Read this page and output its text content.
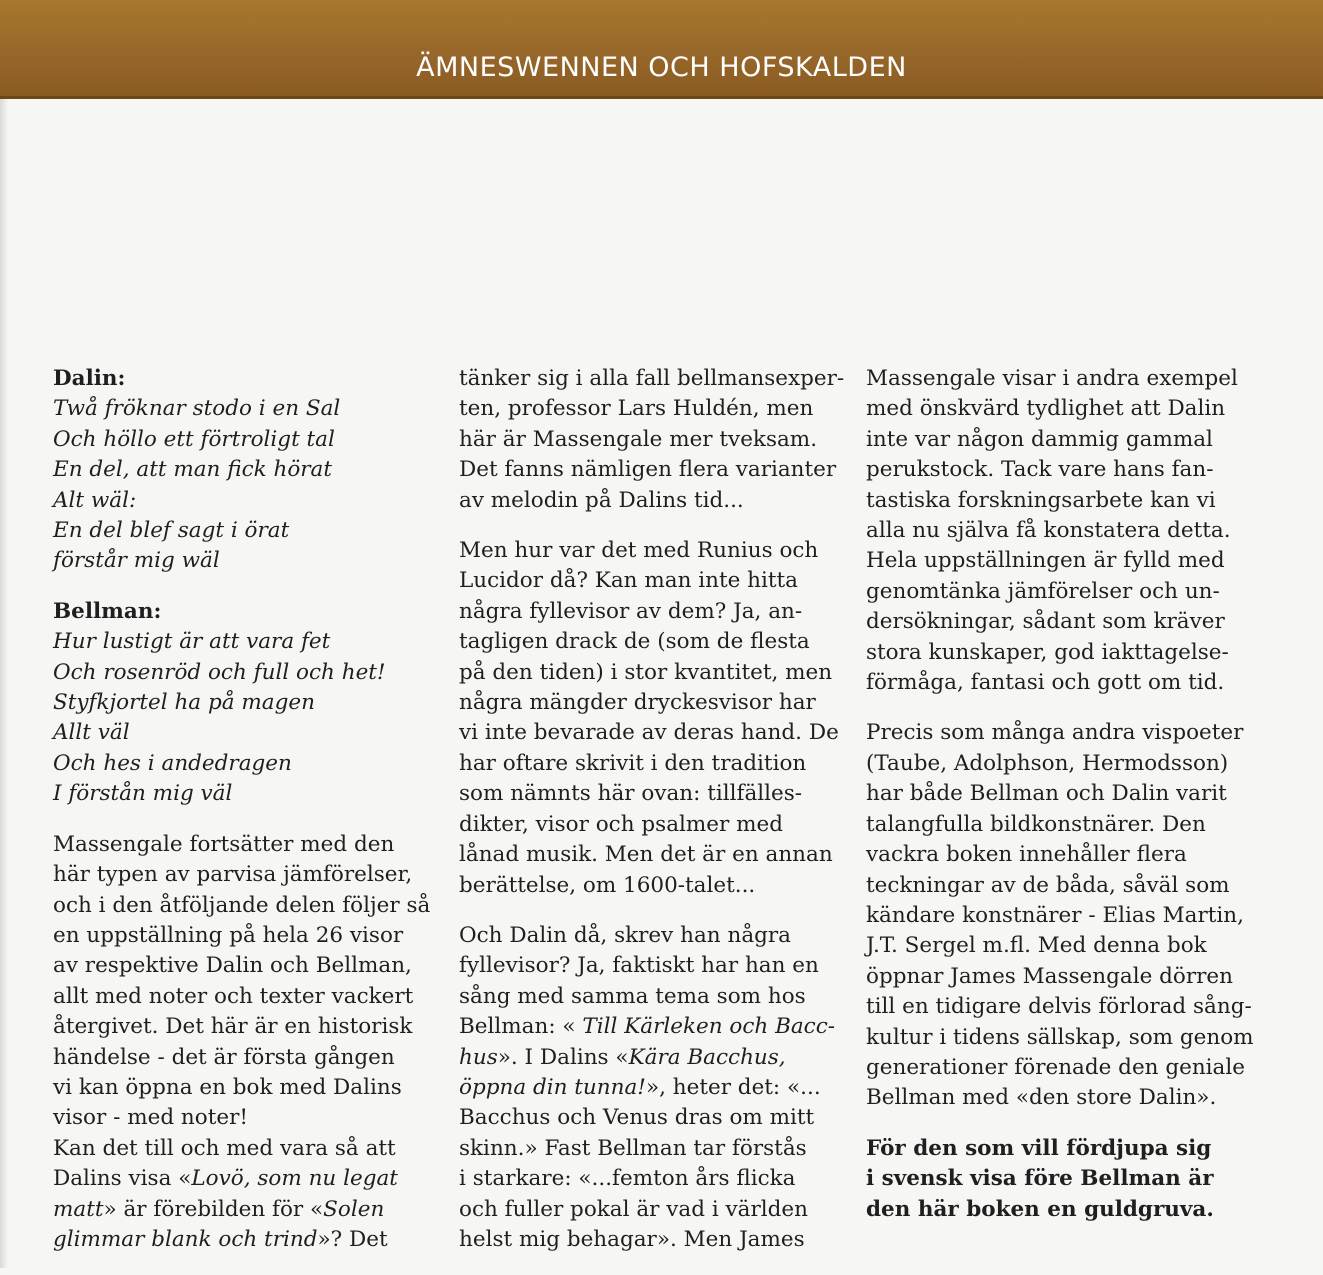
ÄMNESWENNEN OCH HOFSKALDEN
Dalin:
Twå fröknar stodo i en Sal
Och höllo ett förtroligt tal
En del, att man fick hörat
Alt wäl:
En del blef sagt i örat
förstår mig wäl
Bellman:
Hur lustigt är att vara fet
Och rosenröd och full och het!
Styfkjortel ha på magen
Allt väl
Och hes i andedragen
I förstån mig väl

Massengale fortsätter med den
här typen av parvisa jämförelser,
och i den åtföljande delen följer så
en uppställning på hela 26 visor
av respektive Dalin och Bellman,
allt med noter och texter vackert
återgivet. Det här är en historisk
händelse - det är första gången
vi kan öppna en bok med Dalins
visor - med noter!

Kan det till och med vara så att
Dalins visa «Lovö, som nu legat
matt» är förebilden för «Solen
glimmar blank och trind»? Det

tänker sig i alla fall bellmansexper-
ten, professor Lars Huldén, men
här är Massengale mer tveksam.
Det fanns nämligen flera varianter
av melodin på Dalins tid...

Men hur var det med Runius och
Lucidor då? Kan man inte hitta
några fyllevisor av dem? Ja, an-
tagligen drack de (som de flesta
på den tiden) i stor kvantitet, men
några mängder dryckesvisor har
vi inte bevarade av deras hand. De
har oftare skrivit i den tradition
som nämnts här ovan: tillfälles-
dikter, visor och psalmer med
lånad musik. Men det är en annan
berättelse, om 1600-talet...

Och Dalin då, skrev han några
fyllevisor? Ja, faktiskt har han en
sång med samma tema som hos
Bellman: « Till Kärleken och Bacc-
hus». I Dalins «Kära Bacchus,
öppna din tunna!», heter det: «...
Bacchus och Venus dras om mitt
skinn.» Fast Bellman tar förstås
i starkare: «...femton års flicka
och fuller pokal är vad i världen
helst mig behagar». Men James

Massengale visar i andra exempel
med önskvärd tydlighet att Dalin
inte var någon dammig gammal
perukstock. Tack vare hans fan-
tastiska forskningsarbete kan vi
alla nu själva få konstatera detta.
Hela uppställningen är fylld med
genomtänka jämförelser och un-
dersökningar, sådant som kräver
stora kunskaper, god iakttagelse-
förmåga, fantasi och gott om tid.

Precis som många andra vispoeter
(Taube, Adolphson, Hermodsson)
har både Bellman och Dalin varit
talangfulla bildkonstnärer. Den
vackra boken innehåller flera
teckningar av de båda, såväl som
kändare konstnärer - Elias Martin,
J.T. Sergel m.fl. Med denna bok
öppnar James Massengale dörren
till en tidigare delvis förlorad sång-
kultur i tidens sällskap, som genom
generationer förenade den geniale
Bellman med «den store Dalin».

För den som vill fördjupa sig
i svensk visa före Bellman är
den här boken en guldgruva.
